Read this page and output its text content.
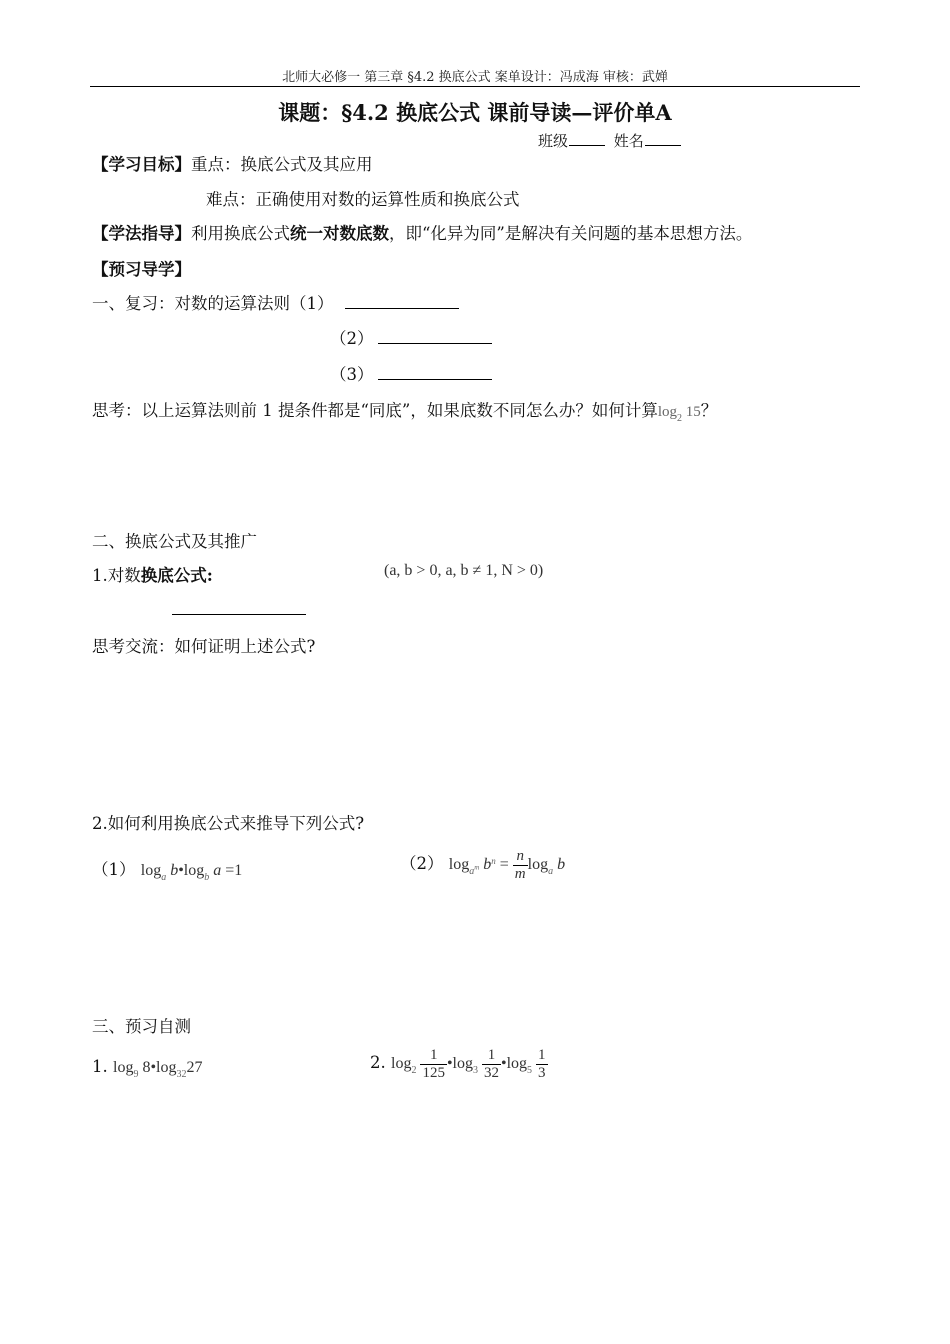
北师大必修一 第三章 §4.2 换底公式 案单设计：冯成海 审核：武婵
课题：§4.2 换底公式 课前导读—评价单A
班级	姓名
【学习目标】重点：换底公式及其应用
难点：正确使用对数的运算性质和换底公式
【学法指导】利用换底公式统一对数底数，即“化异为同”是解决有关问题的基本思想方法。
【预习导学】
一、复习：对数的运算法则（1）
（2）
（3）
思考：以上运算法则前 1 提条件都是“同底”，如果底数不同怎么办？如何计算$\log_2 15$？
二、换底公式及其推广
1.对数换底公式:	(a, b > 0, a, b ≠ 1, N > 0)
思考交流：如何证明上述公式?
2.如何利用换底公式来推导下列公式?
（1） $\log_a$ $b•\log_b$ a =1	（2） $\log_{a^m} b^n = \frac{n}{m} \log_a b$
三、预习自测
1. $\log_9$ $8•\log_{32}27$	2. $\log_2 \frac{1}{125}$ $•\log_3 \frac{1}{32}$ $•\log_5 \frac{1}{3}$
